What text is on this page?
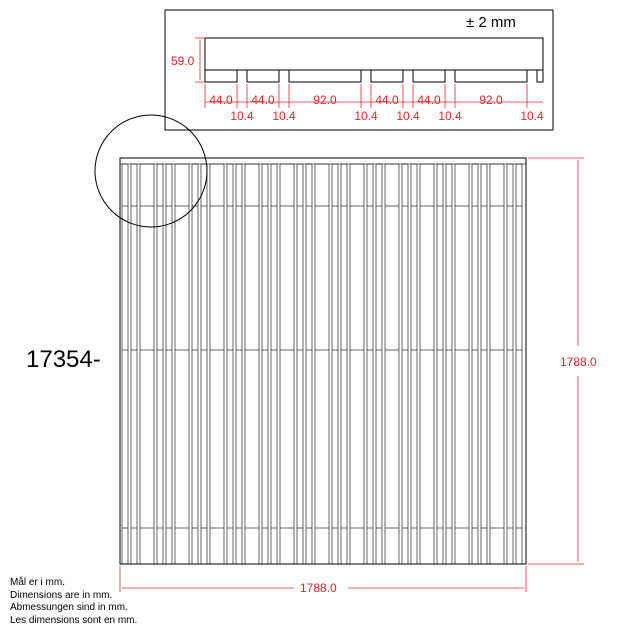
59.0
44.0
10.4
44.0
10.4
92.0
10.4
44.0
10.4
44.0
10.4
92.0
10.4
1788.0
1788.0
± 2 mm
17354-
Mål er i mm.
Dimensions are in mm.
Abmessungen sind in mm.
Les dimensions sont en mm.
